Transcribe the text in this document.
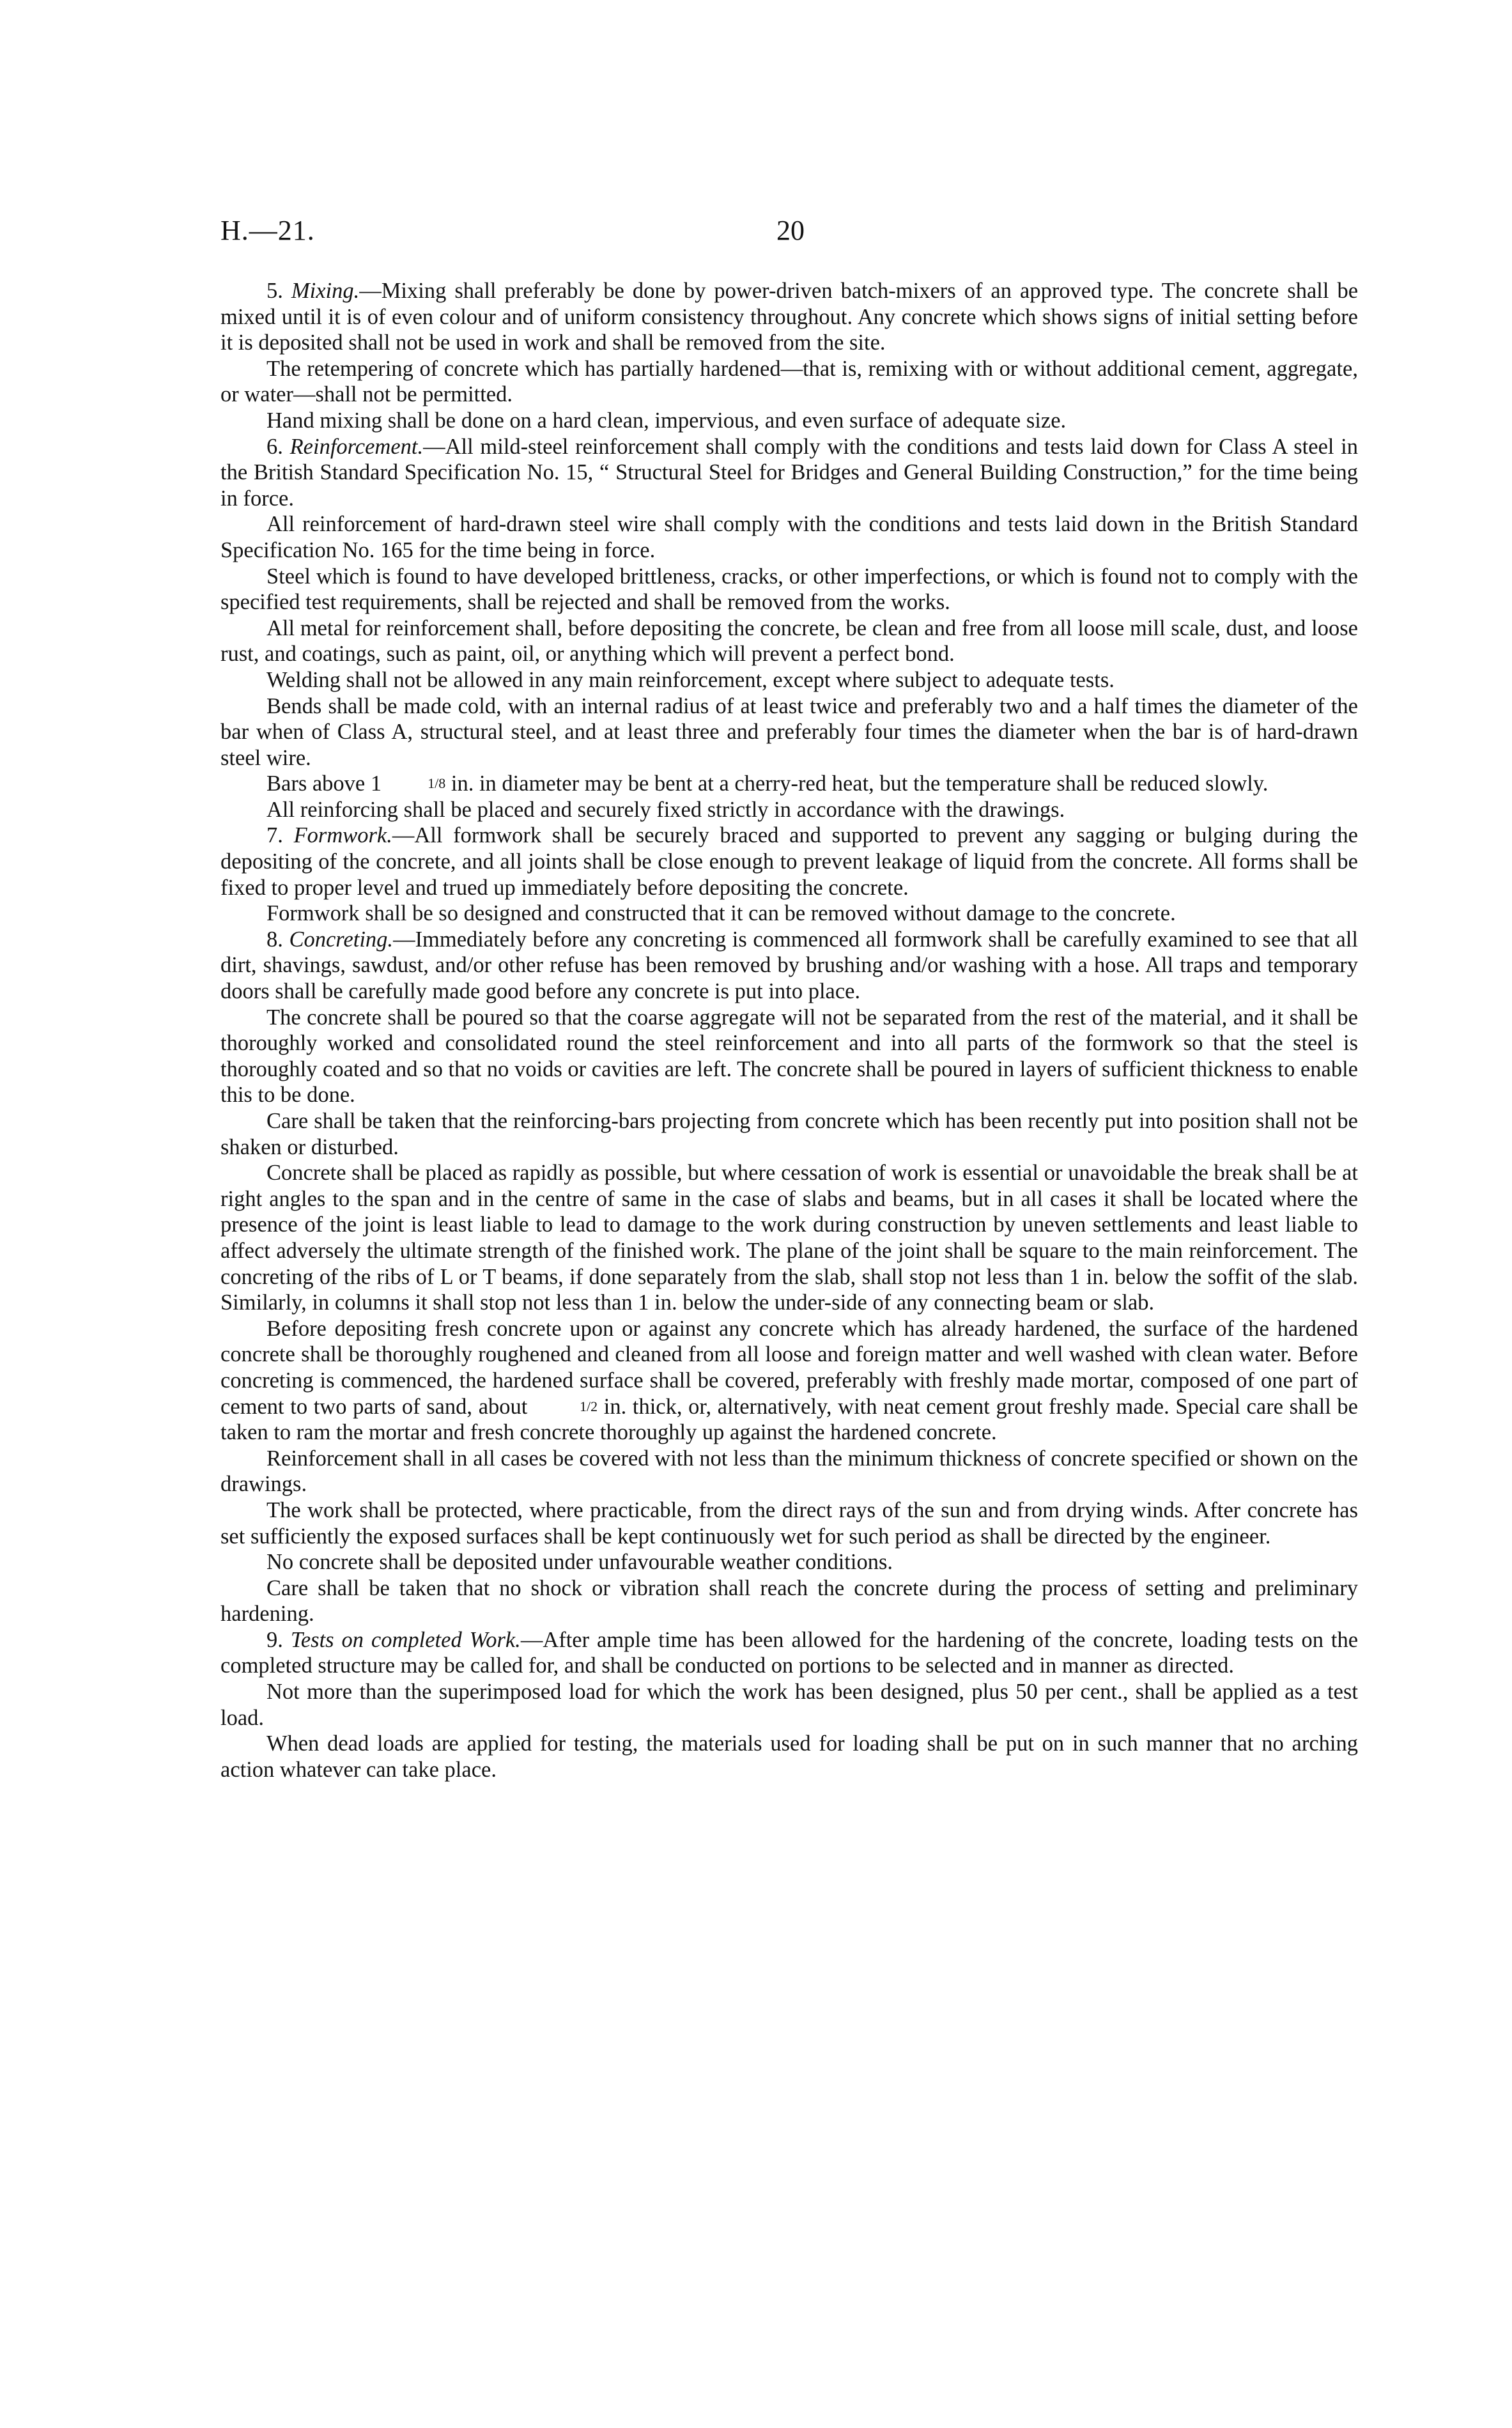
H.—21.	20

5. Mixing.—Mixing shall preferably be done by power-driven batch-mixers of an approved type. The concrete shall be mixed until it is of even colour and of uniform consistency throughout. Any concrete which shows signs of initial setting before it is deposited shall not be used in work and shall be removed from the site.

The retempering of concrete which has partially hardened—that is, remixing with or without additional cement, aggregate, or water—shall not be permitted.

Hand mixing shall be done on a hard clean, impervious, and even surface of adequate size.

6. Reinforcement.—All mild-steel reinforcement shall comply with the conditions and tests laid down for Class A steel in the British Standard Specification No. 15, “ Structural Steel for Bridges and General Building Construction,” for the time being in force.

All reinforcement of hard-drawn steel wire shall comply with the conditions and tests laid down in the British Standard Specification No. 165 for the time being in force.

Steel which is found to have developed brittleness, cracks, or other imperfections, or which is found not to comply with the specified test requirements, shall be rejected and shall be removed from the works.

All metal for reinforcement shall, before depositing the concrete, be clean and free from all loose mill scale, dust, and loose rust, and coatings, such as paint, oil, or anything which will prevent a perfect bond.

Welding shall not be allowed in any main reinforcement, except where subject to adequate tests.

Bends shall be made cold, with an internal radius of at least twice and preferably two and a half times the diameter of the bar when of Class A, structural steel, and at least three and preferably four times the diameter when the bar is of hard-drawn steel wire.

Bars above 1	1/8 in. in diameter may be bent at a cherry-red heat, but the temperature shall be reduced slowly.

All reinforcing shall be placed and securely fixed strictly in accordance with the drawings.

7. Formwork.—All formwork shall be securely braced and supported to prevent any sagging or bulging during the depositing of the concrete, and all joints shall be close enough to prevent leakage of liquid from the concrete. All forms shall be fixed to proper level and trued up immediately before depositing the concrete.

Formwork shall be so designed and constructed that it can be removed without damage to the concrete.

8. Concreting.—Immediately before any concreting is commenced all formwork shall be carefully examined to see that all dirt, shavings, sawdust, and/or other refuse has been removed by brushing and/or washing with a hose. All traps and temporary doors shall be carefully made good before any concrete is put into place.

The concrete shall be poured so that the coarse aggregate will not be separated from the rest of the material, and it shall be thoroughly worked and consolidated round the steel reinforcement and into all parts of the formwork so that the steel is thoroughly coated and so that no voids or cavities are left. The concrete shall be poured in layers of sufficient thickness to enable this to be done.

Care shall be taken that the reinforcing-bars projecting from concrete which has been recently put into position shall not be shaken or disturbed.

Concrete shall be placed as rapidly as possible, but where cessation of work is essential or unavoidable the break shall be at right angles to the span and in the centre of same in the case of slabs and beams, but in all cases it shall be located where the presence of the joint is least liable to lead to damage to the work during construction by uneven settlements and least liable to affect adversely the ultimate strength of the finished work. The plane of the joint shall be square to the main reinforcement. The concreting of the ribs of L or T beams, if done separately from the slab, shall stop not less than 1 in. below the soffit of the slab. Similarly, in columns it shall stop not less than 1 in. below the under-side of any connecting beam or slab.

Before depositing fresh concrete upon or against any concrete which has already hardened, the surface of the hardened concrete shall be thoroughly roughened and cleaned from all loose and foreign matter and well washed with clean water. Before concreting is commenced, the hardened surface shall be covered, preferably with freshly made mortar, composed of one part of cement to two parts of sand, about	1/2 in. thick, or, alternatively, with neat cement grout freshly made. Special care shall be taken to ram the mortar and fresh concrete thoroughly up against the hardened concrete.

Reinforcement shall in all cases be covered with not less than the minimum thickness of concrete specified or shown on the drawings.

The work shall be protected, where practicable, from the direct rays of the sun and from drying winds. After concrete has set sufficiently the exposed surfaces shall be kept continuously wet for such period as shall be directed by the engineer.

No concrete shall be deposited under unfavourable weather conditions.

Care shall be taken that no shock or vibration shall reach the concrete during the process of setting and preliminary hardening.

9. Tests on completed Work.—After ample time has been allowed for the hardening of the concrete, loading tests on the completed structure may be called for, and shall be conducted on portions to be selected and in manner as directed.

Not more than the superimposed load for which the work has been designed, plus 50 per cent., shall be applied as a test load.

When dead loads are applied for testing, the materials used for loading shall be put on in such manner that no arching action whatever can take place.
